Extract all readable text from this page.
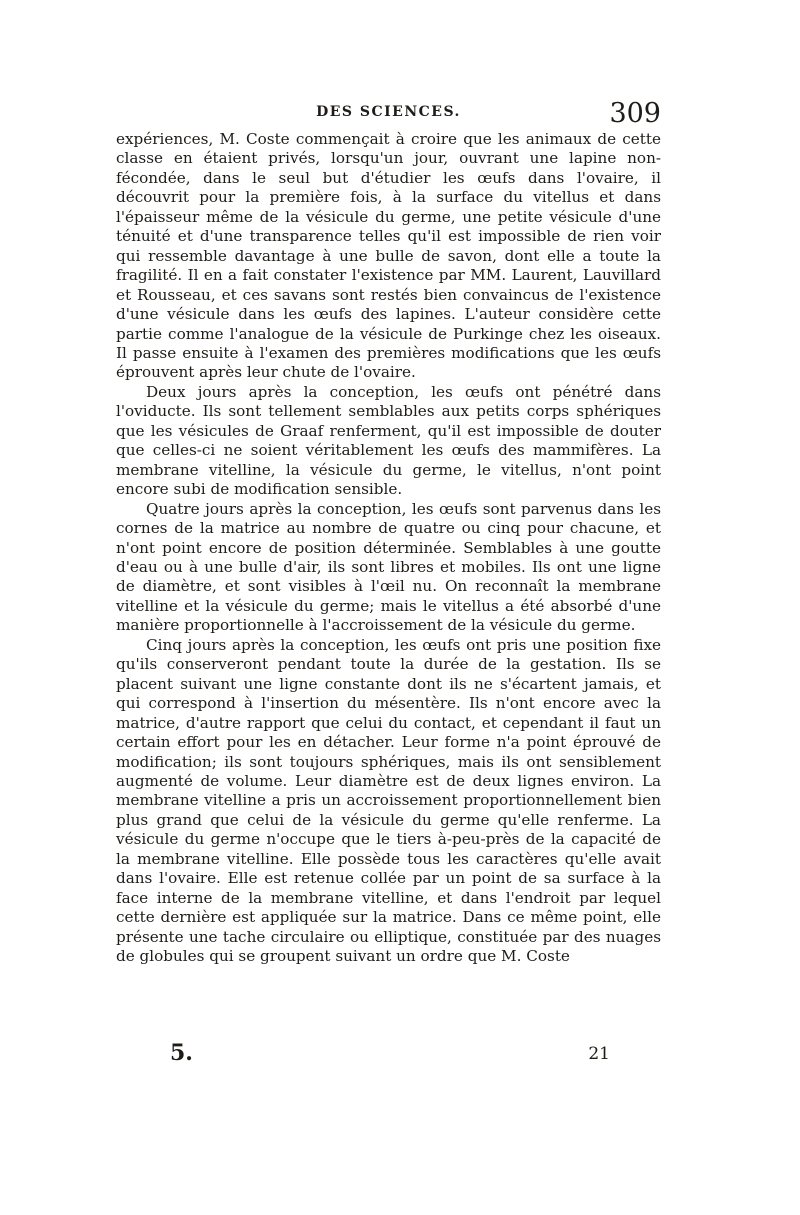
DES SCIENCES.	309

expériences, M. Coste commençait à croire que les animaux de cette classe en étaient privés, lorsqu'un jour, ouvrant une lapine non-fécondée, dans le seul but d'étudier les œufs dans l'ovaire, il découvrit pour la première fois, à la surface du vitellus et dans l'épaisseur même de la vésicule du germe, une petite vésicule d'une ténuité et d'une transparence telles qu'il est impossible de rien voir qui ressemble davantage à une bulle de savon, dont elle a toute la fragilité. Il en a fait constater l'existence par MM. Laurent, Lauvillard et Rousseau, et ces savans sont restés bien convaincus de l'existence d'une vésicule dans les œufs des lapines. L'auteur considère cette partie comme l'analogue de la vésicule de Purkinge chez les oiseaux. Il passe ensuite à l'examen des premières modifications que les œufs éprouvent après leur chute de l'ovaire.

Deux jours après la conception, les œufs ont pénétré dans l'oviducte. Ils sont tellement semblables aux petits corps sphériques que les vésicules de Graaf renferment, qu'il est impossible de douter que celles-ci ne soient véritablement les œufs des mammifères. La membrane vitelline, la vésicule du germe, le vitellus, n'ont point encore subi de modification sensible.

Quatre jours après la conception, les œufs sont parvenus dans les cornes de la matrice au nombre de quatre ou cinq pour chacune, et n'ont point encore de position déterminée. Semblables à une goutte d'eau ou à une bulle d'air, ils sont libres et mobiles. Ils ont une ligne de diamètre, et sont visibles à l'œil nu. On reconnaît la membrane vitelline et la vésicule du germe; mais le vitellus a été absorbé d'une manière proportionnelle à l'accroissement de la vésicule du germe.

Cinq jours après la conception, les œufs ont pris une position fixe qu'ils conserveront pendant toute la durée de la gestation. Ils se placent suivant une ligne constante dont ils ne s'écartent jamais, et qui correspond à l'insertion du mésentère. Ils n'ont encore avec la matrice, d'autre rapport que celui du contact, et cependant il faut un certain effort pour les en détacher. Leur forme n'a point éprouvé de modification; ils sont toujours sphériques, mais ils ont sensiblement augmenté de volume. Leur diamètre est de deux lignes environ. La membrane vitelline a pris un accroissement proportionnellement bien plus grand que celui de la vésicule du germe qu'elle renferme. La vésicule du germe n'occupe que le tiers à-peu-près de la capacité de la membrane vitelline. Elle possède tous les caractères qu'elle avait dans l'ovaire. Elle est retenue collée par un point de sa surface à la face interne de la membrane vitelline, et dans l'endroit par lequel cette dernière est appliquée sur la matrice. Dans ce même point, elle présente une tache circulaire ou elliptique, constituée par des nuages de globules qui se groupent suivant un ordre que M. Coste

5.	21
